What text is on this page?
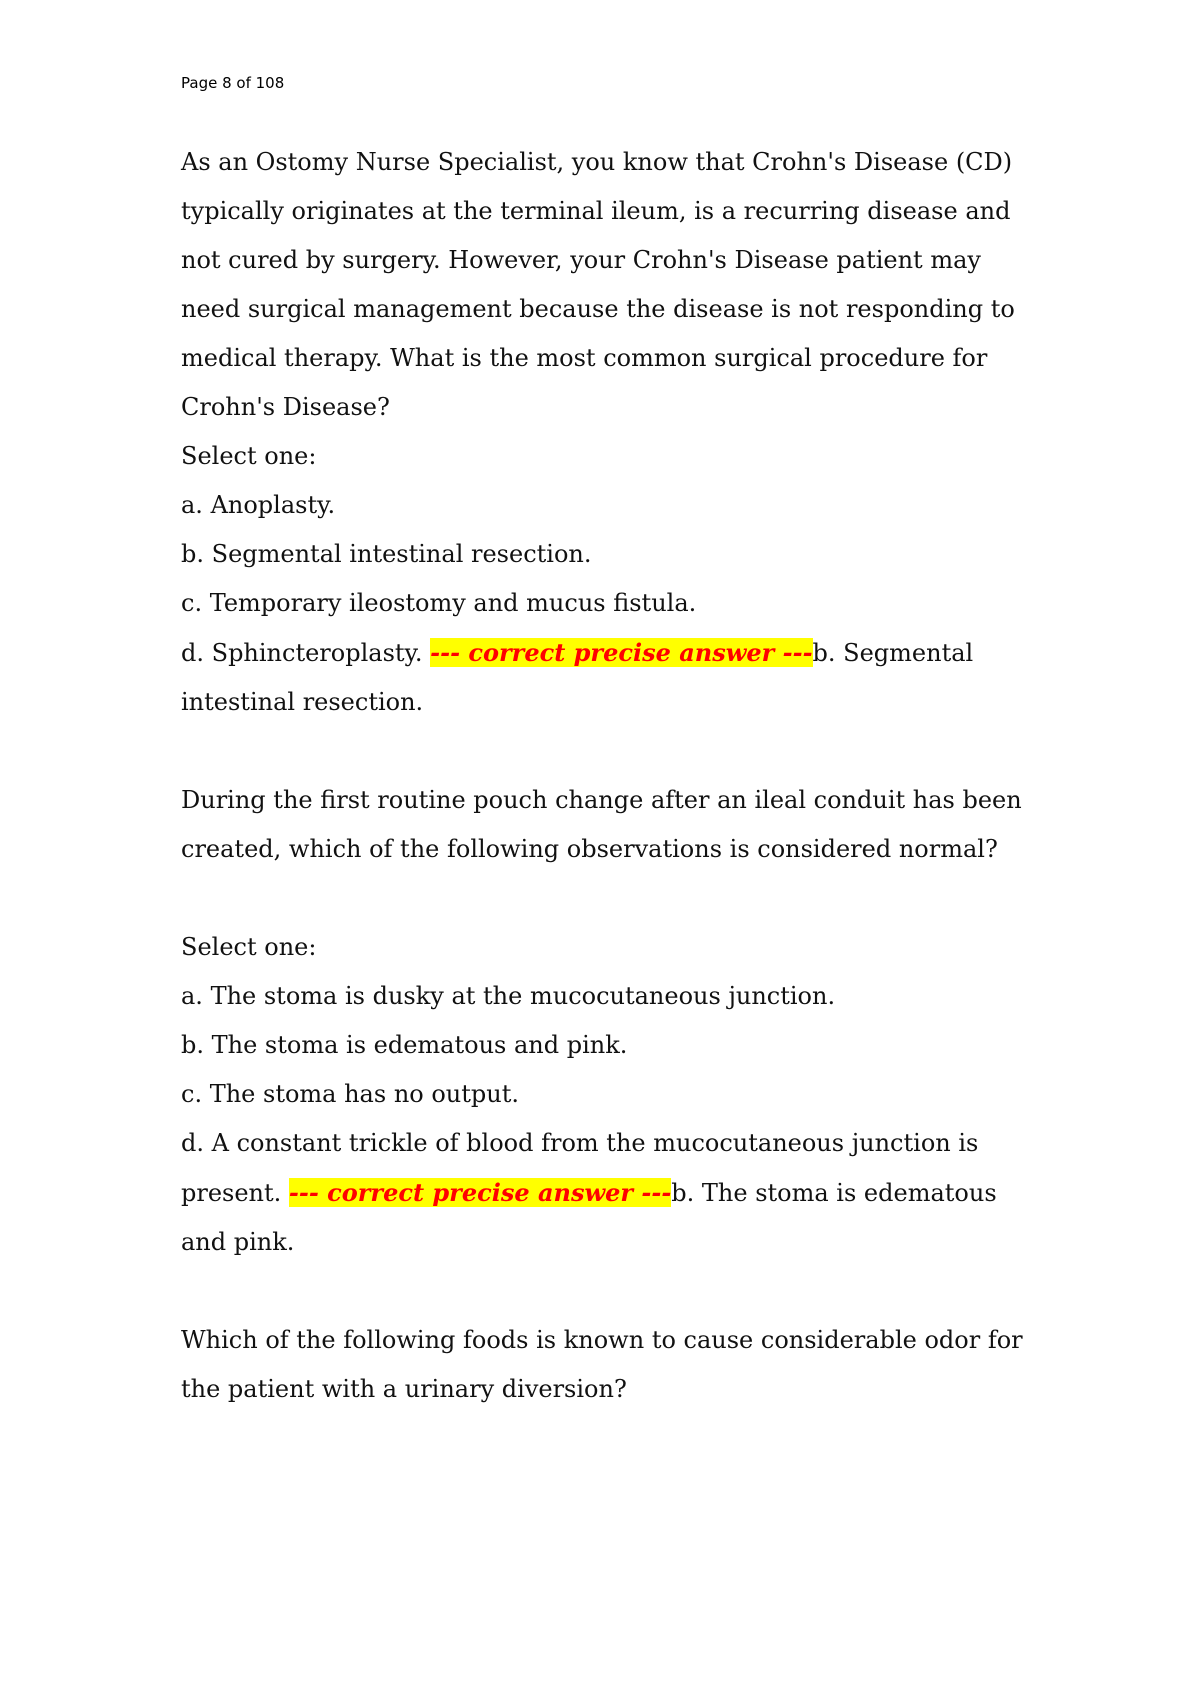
Page 8 of 108

As an Ostomy Nurse Specialist, you know that Crohn's Disease (CD) typically originates at the terminal ileum, is a recurring disease and not cured by surgery. However, your Crohn's Disease patient may need surgical management because the disease is not responding to medical therapy. What is the most common surgical procedure for Crohn's Disease?

Select one:

a. Anoplasty.

b. Segmental intestinal resection.

c. Temporary ileostomy and mucus fistula.

d. Sphincteroplasty. --- correct precise answer ---b. Segmental intestinal resection.

During the first routine pouch change after an ileal conduit has been created, which of the following observations is considered normal?

Select one:

a. The stoma is dusky at the mucocutaneous junction.

b. The stoma is edematous and pink.

c. The stoma has no output.

d. A constant trickle of blood from the mucocutaneous junction is present. --- correct precise answer ---b. The stoma is edematous and pink.

Which of the following foods is known to cause considerable odor for the patient with a urinary diversion?
